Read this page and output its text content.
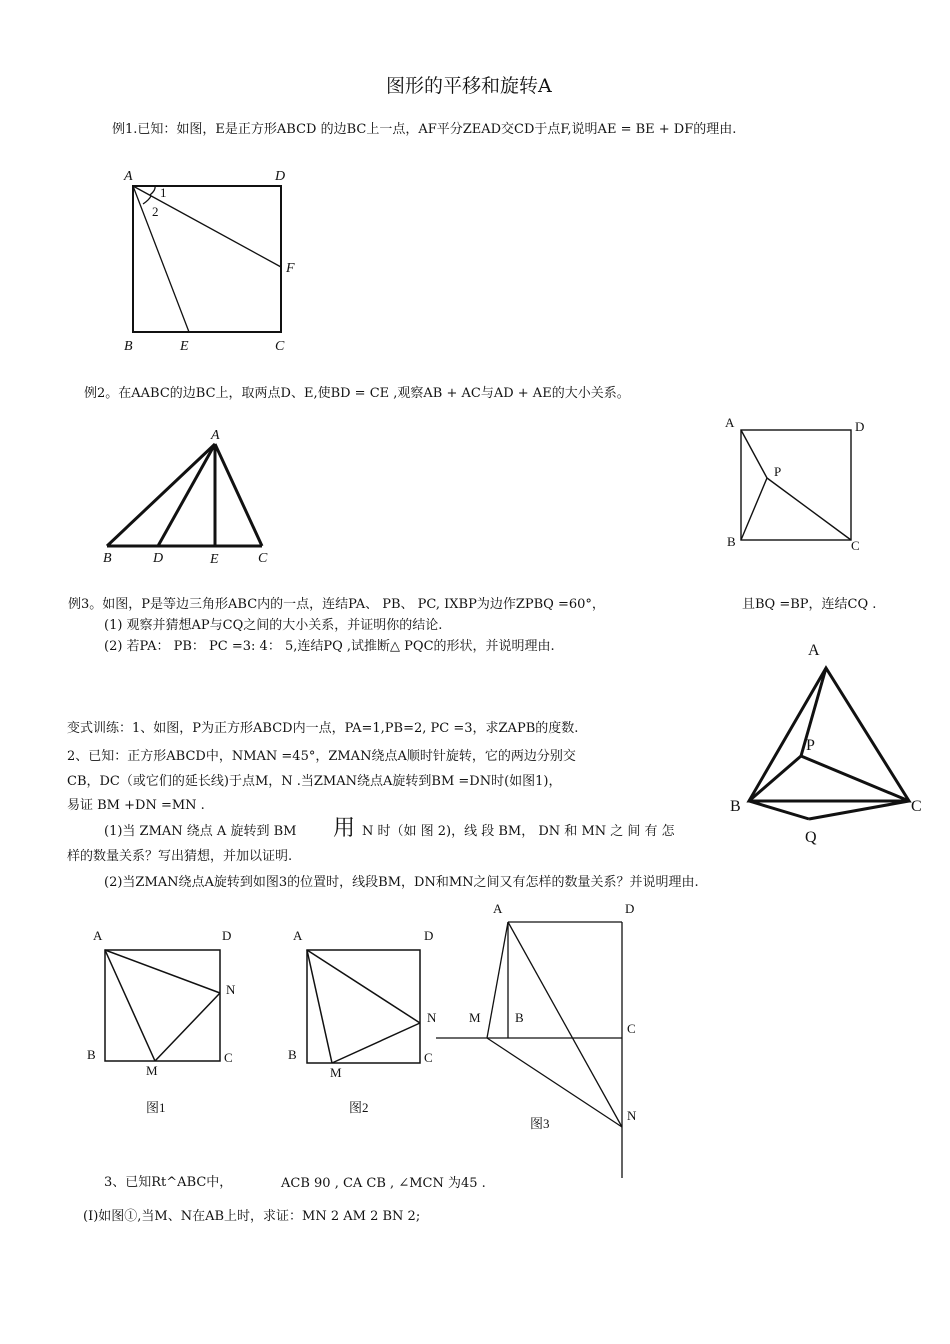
图形的平移和旋转A
例1.已知：如图，E是正方形ABCD 的边BC上一点，AF平分ZEAD交CD于点F,说明AE = BE + DF的理由.
A	D
B	E	C
F
1
2
例2。在AABC的边BC上，取两点D、E,使BD = CE ,观察AB + AC与AD + AE的大小关系。
A
B	D	E	C
A	D
B	C
P
例3。如图，P是等边三角形ABC内的一点，连结PA、 PB、 PC, IXBP为边作ZPBQ =60°，	且BQ =BP，连结CQ .
(1) 观察并猜想AP与CQ之间的大小关系，并证明你的结论.
(2) 若PA： PB： PC =3: 4： 5,连结PQ ,试推断△ PQC的形状，并说明理由.	A
P
B	C
Q
变式训练：1、如图，P为正方形ABCD内一点，PA=1,PB=2, PC =3，求ZAPB的度数.
2、已知：正方形ABCD中，NMAN =45°，ZMAN绕点A顺时针旋转，它的两边分别交
CB，DC（或它们的延长线)于点M，N .当ZMAN绕点A旋转到BM =DN时(如图1)，
易证 BM +DN =MN .
(1)当 ZMAN 绕点 A 旋转到 BM 用 N 时（如 图 2)，线 段 BM， DN 和 MN 之 间 有 怎
样的数量关系？写出猜想，并加以证明.
(2)当ZMAN绕点A旋转到如图3的位置时，线段BM，DN和MN之间又有怎样的数量关系？并说明理由.
A	D
N
B
M
C
图1
A	D
N
B
M
C
图2
A	D
M	B
C
N
图3
3、已知Rt^ABC中，	ACB 90 , CA CB , ∠MCN 为45 .
(I)如图①,当M、N在AB上时，求证：MN 2 AM 2 BN 2;
